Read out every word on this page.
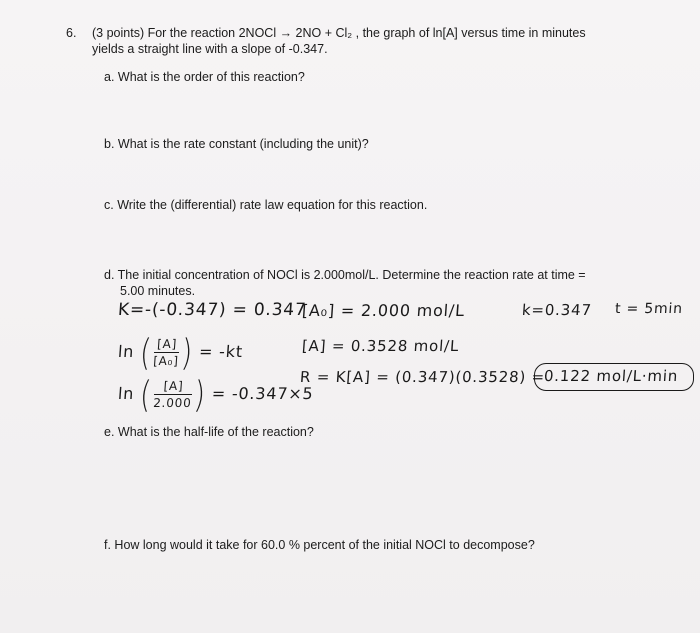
6. (3 points) For the reaction 2NOCl → 2NO + Cl₂ , the graph of ln[A] versus time in minutes
yields a straight line with a slope of -0.347.
a. What is the order of this reaction?
b. What is the rate constant (including the unit)?
c. Write the (differential) rate law equation for this reaction.
d. The initial concentration of NOCl is 2.000mol/L. Determine the reaction rate at time =
5.00 minutes.
K=-(-0.347) = 0.347
[A₀] = 2.000 mol/L	k=0.347 t = 5min
ln ( $\frac{[A]}{\text{[A₀]}}$ ) = -kt	[A] = 0.3528 mol/L
ln ( $\frac{[A]}{2.000}$ ) = -0.347×5
R = K[A] = (0.347)(0.3528) =
0.122 mol/L·min
e. What is the half-life of the reaction?
f. How long would it take for 60.0 % percent of the initial NOCl to decompose?
